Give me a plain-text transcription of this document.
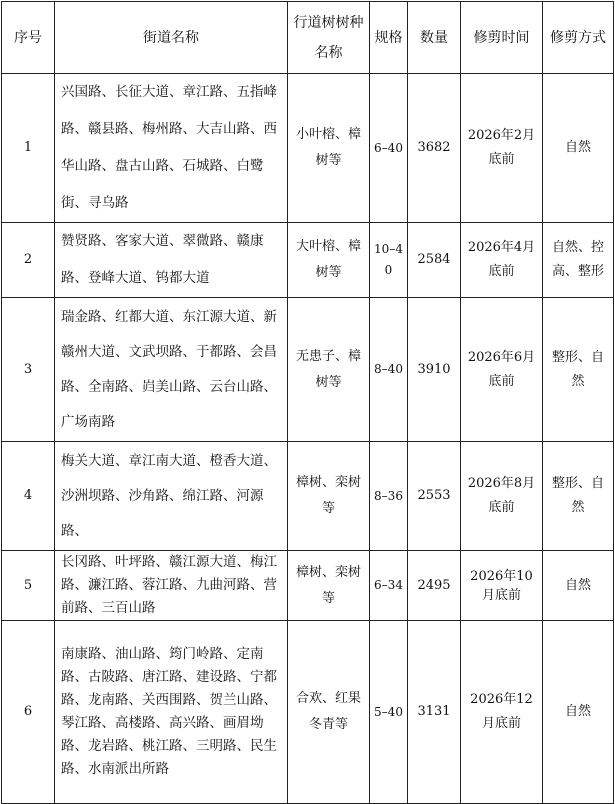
序号	街道名称	行道树树种名称	规格	数量	修剪时间	修剪方式
1	兴国路、长征大道、章江路、五指峰路、赣县路、梅州路、大吉山路、西华山路、盘古山路、石城路、白鹭街、寻乌路	小叶榕、樟树等	6–40	3682	2026年2月底前	自然
2	赞贤路、客家大道、翠微路、赣康路、登峰大道、钨都大道	大叶榕、樟树等	10–40	2584	2026年4月底前	自然、控高、整形
3	瑞金路、红都大道、东江源大道、新赣州大道、文武坝路、于都路、会昌路、全南路、岿美山路、云台山路、广场南路	无患子、樟树等	8–40	3910	2026年6月底前	整形、自然
4	梅关大道、章江南大道、橙香大道、沙洲坝路、沙角路、绵江路、河源路、	樟树、栾树等	8–36	2553	2026年8月底前	整形、自然
5	长冈路、叶坪路、赣江源大道、梅江路、濂江路、蓉江路、九曲河路、营前路、三百山路	樟树、栾树等	6–34	2495	2026年10月底前	自然
6	南康路、油山路、筠门岭路、定南路、古陂路、唐江路、建设路、宁都路、龙南路、关西围路、贺兰山路、琴江路、高楼路、高兴路、画眉坳路、龙岩路、桃江路、三明路、民生路、水南派出所路	合欢、红果冬青等	5–40	3131	2026年12月底前	自然
